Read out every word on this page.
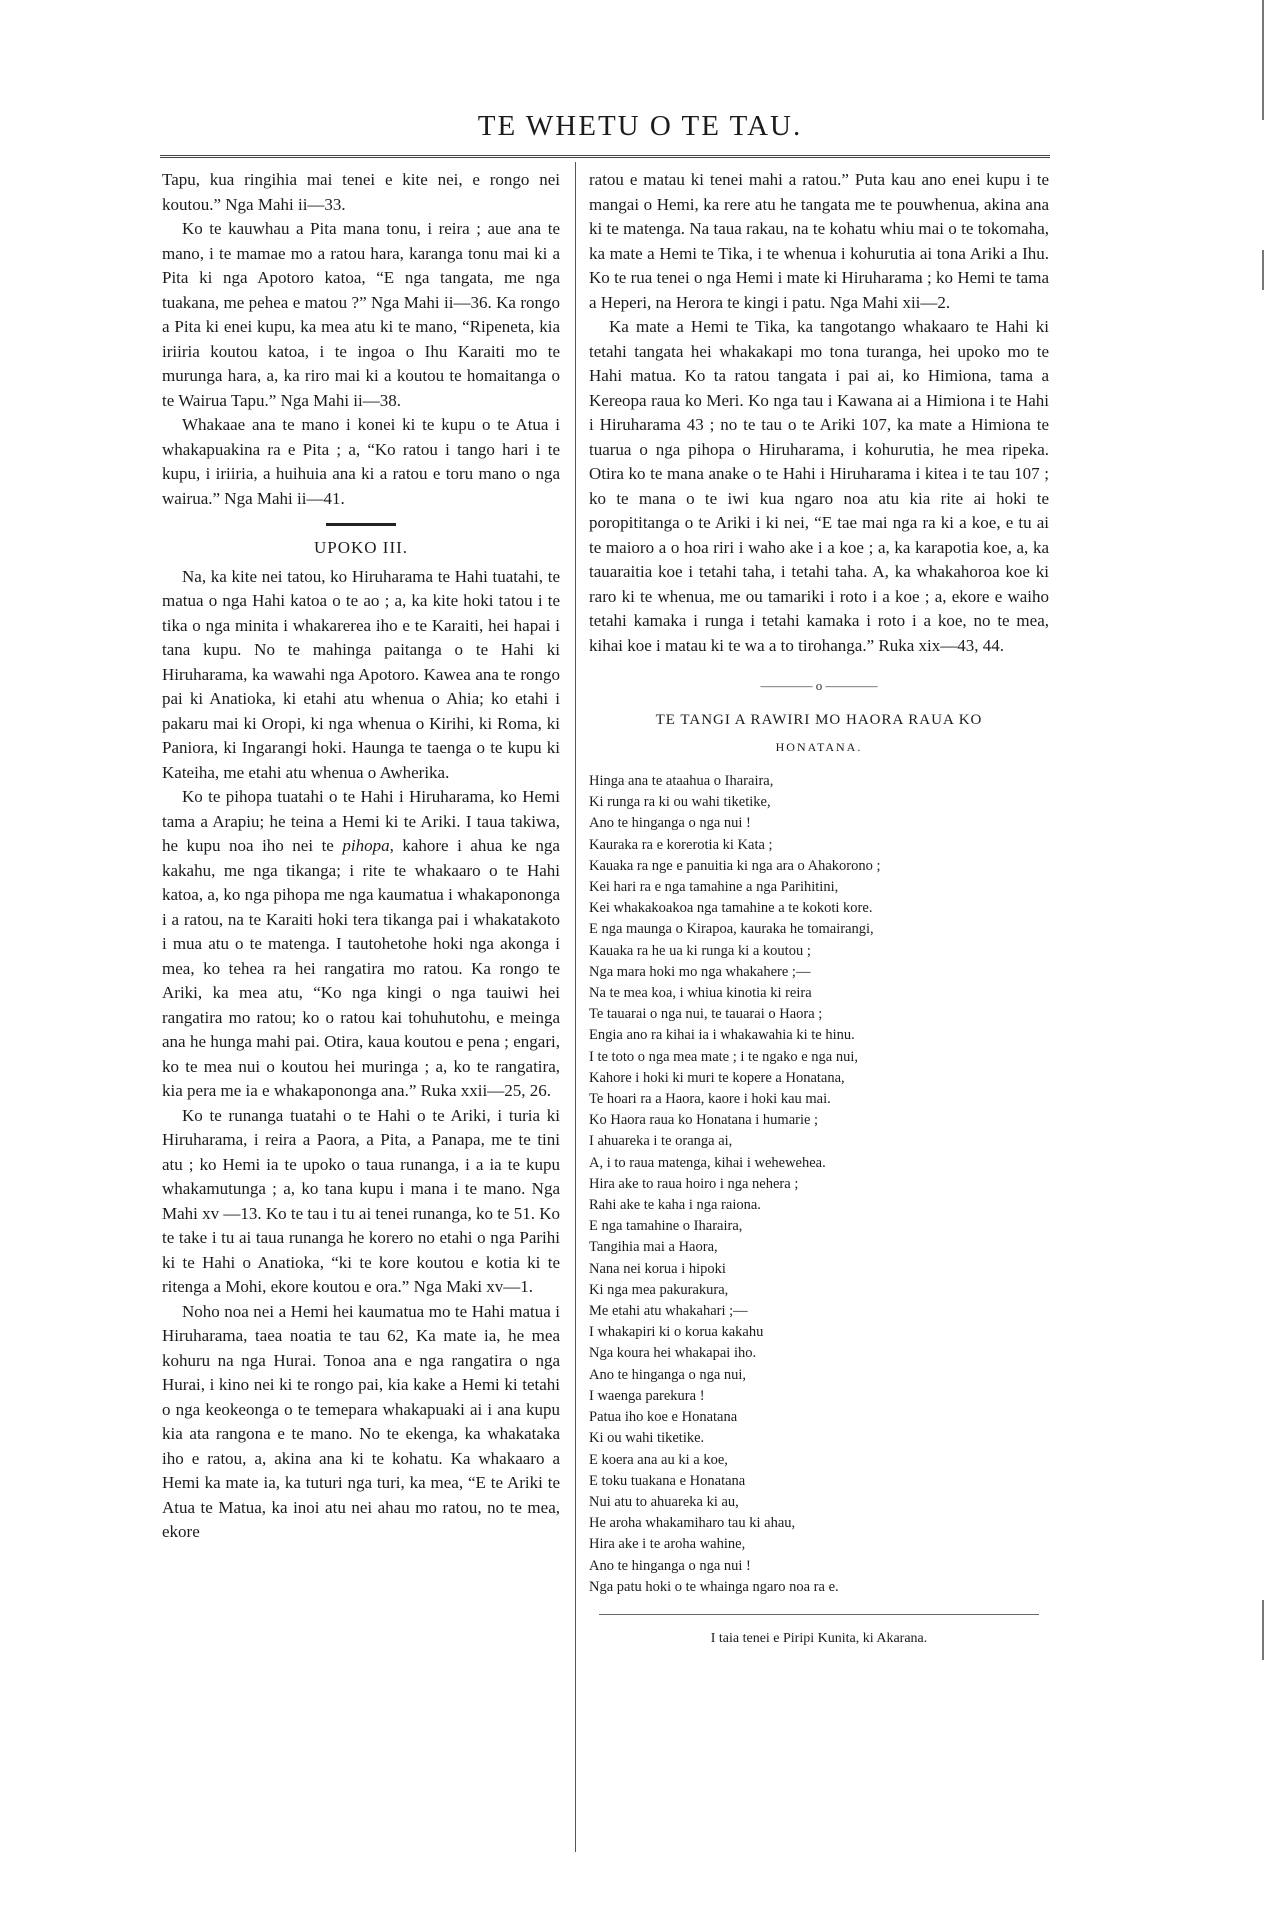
TE WHETU O TE TAU.

Tapu, kua ringihia mai tenei e kite nei, e rongo nei koutou.” Nga Mahi ii—33.

Ko te kauwhau a Pita mana tonu, i reira ; aue ana te mano, i te mamae mo a ratou hara, karanga tonu mai ki a Pita ki nga Apotoro katoa, “E nga tangata, me nga tuakana, me pehea e matou ?” Nga Mahi ii—36. Ka rongo a Pita ki enei kupu, ka mea atu ki te mano, “Ripeneta, kia iriiria koutou katoa, i te ingoa o Ihu Karaiti mo te murunga hara, a, ka riro mai ki a koutou te homaitanga o te Wairua Tapu.” Nga Mahi ii—38.

Whakaae ana te mano i konei ki te kupu o te Atua i whakapuakina ra e Pita ; a, “Ko ratou i tango hari i te kupu, i iriiria, a huihuia ana ki a ratou e toru mano o nga wairua.” Nga Mahi ii—41.

UPOKO III.

Na, ka kite nei tatou, ko Hiruharama te Hahi tuatahi, te matua o nga Hahi katoa o te ao ; a, ka kite hoki tatou i te tika o nga minita i whakarerea iho e te Karaiti, hei hapai i tana kupu. No te mahinga paitanga o te Hahi ki Hiruharama, ka wawahi nga Apotoro. Kawea ana te rongo pai ki Anatioka, ki etahi atu whenua o Ahia; ko etahi i pakaru mai ki Oropi, ki nga whenua o Kirihi, ki Roma, ki Paniora, ki Ingarangi hoki. Haunga te taenga o te kupu ki Kateiha, me etahi atu whenua o Awherika.

Ko te pihopa tuatahi o te Hahi i Hiruharama, ko Hemi tama a Arapiu; he teina a Hemi ki te Ariki. I taua takiwa, he kupu noa iho nei te pihopa, kahore i ahua ke nga kakahu, me nga tikanga; i rite te whakaaro o te Hahi katoa, a, ko nga pihopa me nga kaumatua i whakapononga i a ratou, na te Karaiti hoki tera tikanga pai i whakatakoto i mua atu o te matenga. I tautohetohe hoki nga akonga i mea, ko tehea ra hei rangatira mo ratou. Ka rongo te Ariki, ka mea atu, “Ko nga kingi o nga tauiwi hei rangatira mo ratou; ko o ratou kai tohuhutohu, e meinga ana he hunga mahi pai. Otira, kaua koutou e pena ; engari, ko te mea nui o koutou hei muringa ; a, ko te rangatira, kia pera me ia e whakapononga ana.” Ruka xxii—25, 26.

Ko te runanga tuatahi o te Hahi o te Ariki, i turia ki Hiruharama, i reira a Paora, a Pita, a Panapa, me te tini atu ; ko Hemi ia te upoko o taua runanga, i a ia te kupu whakamutunga ; a, ko tana kupu i mana i te mano. Nga Mahi xv —13. Ko te tau i tu ai tenei runanga, ko te 51. Ko te take i tu ai taua runanga he korero no etahi o nga Parihi ki te Hahi o Anatioka, “ki te kore koutou e kotia ki te ritenga a Mohi, ekore koutou e ora.” Nga Maki xv—1.

Noho noa nei a Hemi hei kaumatua mo te Hahi matua i Hiruharama, taea noatia te tau 62, Ka mate ia, he mea kohuru na nga Hurai. Tonoa ana e nga rangatira o nga Hurai, i kino nei ki te rongo pai, kia kake a Hemi ki tetahi o nga keokeonga o te temepara whakapuaki ai i ana kupu kia ata rangona e te mano. No te ekenga, ka whakataka iho e ratou, a, akina ana ki te kohatu. Ka whakaaro a Hemi ka mate ia, ka tuturi nga turi, ka mea, “E te Ariki te Atua te Matua, ka inoi atu nei ahau mo ratou, no te mea, ekore

ratou e matau ki tenei mahi a ratou.” Puta kau ano enei kupu i te mangai o Hemi, ka rere atu he tangata me te pouwhenua, akina ana ki te matenga. Na taua rakau, na te kohatu whiu mai o te tokomaha, ka mate a Hemi te Tika, i te whenua i kohurutia ai tona Ariki a Ihu. Ko te rua tenei o nga Hemi i mate ki Hiruharama ; ko Hemi te tama a Heperi, na Herora te kingi i patu. Nga Mahi xii—2.

Ka mate a Hemi te Tika, ka tangotango whakaaro te Hahi ki tetahi tangata hei whakakapi mo tona turanga, hei upoko mo te Hahi matua. Ko ta ratou tangata i pai ai, ko Himiona, tama a Kereopa raua ko Meri. Ko nga tau i Kawana ai a Himiona i te Hahi i Hiruharama 43 ; no te tau o te Ariki 107, ka mate a Himiona te tuarua o nga pihopa o Hiruharama, i kohurutia, he mea ripeka. Otira ko te mana anake o te Hahi i Hiruharama i kitea i te tau 107 ; ko te mana o te iwi kua ngaro noa atu kia rite ai hoki te poropititanga o te Ariki i ki nei, “E tae mai nga ra ki a koe, e tu ai te maioro a o hoa riri i waho ake i a koe ; a, ka karapotia koe, a, ka tauaraitia koe i tetahi taha, i tetahi taha. A, ka whakahoroa koe ki raro ki te whenua, me ou tamariki i roto i a koe ; a, ekore e waiho tetahi kamaka i runga i tetahi kamaka i roto i a koe, no te mea, kihai koe i matau ki te wa a to tirohanga.” Ruka xix—43, 44.

———— o ————
TE TANGI A RAWIRI MO HAORA RAUA KO
HONATANA.
Hinga ana te ataahua o Iharaira,
Ki runga ra ki ou wahi tiketike,
Ano te hinganga o nga nui !
Kauraka ra e korerotia ki Kata ;
Kauaka ra nge e panuitia ki nga ara o Ahakorono ;
Kei hari ra e nga tamahine a nga Parihitini,
Kei whakakoakoa nga tamahine a te kokoti kore.
E nga maunga o Kirapoa, kauraka he tomairangi,
Kauaka ra he ua ki runga ki a koutou ;
Nga mara hoki mo nga whakahere ;—
Na te mea koa, i whiua kinotia ki reira
Te tauarai o nga nui, te tauarai o Haora ;
Engia ano ra kihai ia i whakawahia ki te hinu.
I te toto o nga mea mate ; i te ngako e nga nui,
Kahore i hoki ki muri te kopere a Honatana,
Te hoari ra a Haora, kaore i hoki kau mai.
Ko Haora raua ko Honatana i humarie ;
I ahuareka i te oranga ai,
A, i to raua matenga, kihai i wehewehea.
Hira ake to raua hoiro i nga nehera ;
Rahi ake te kaha i nga raiona.
E nga tamahine o Iharaira,
Tangihia mai a Haora,
Nana nei korua i hipoki
Ki nga mea pakurakura,
Me etahi atu whakahari ;—
I whakapiri ki o korua kakahu
Nga koura hei whakapai iho.
Ano te hinganga o nga nui,
I waenga parekura !
Patua iho koe e Honatana
Ki ou wahi tiketike.
E koera ana au ki a koe,
E toku tuakana e Honatana
Nui atu to ahuareka ki au,
He aroha whakamiharo tau ki ahau,
Hira ake i te aroha wahine,
Ano te hinganga o nga nui !
Nga patu hoki o te whainga ngaro noa ra e.
I taia tenei e Piripi Kunita, ki Akarana.
